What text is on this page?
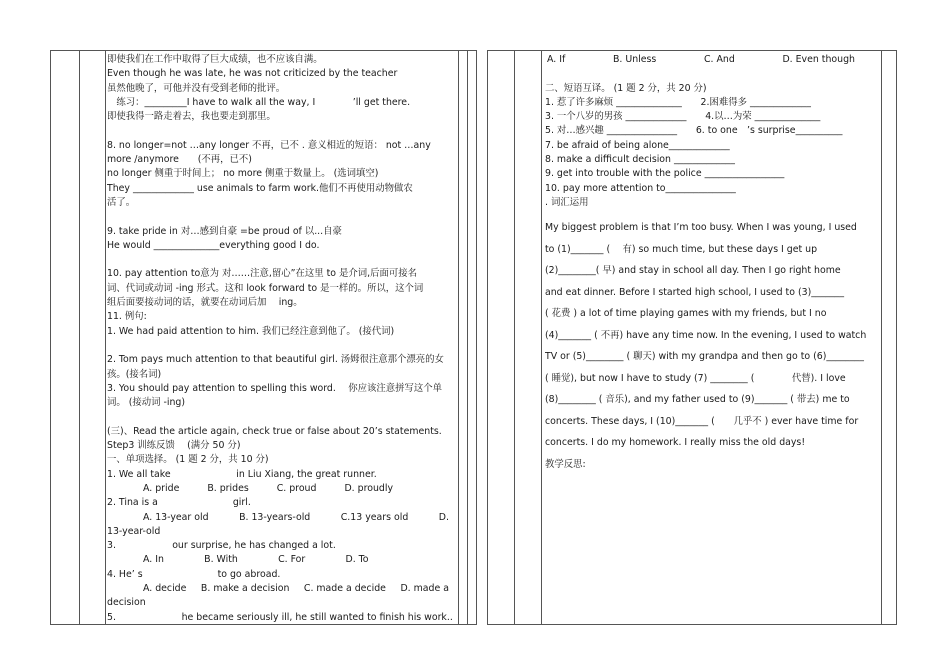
即使我们在工作中取得了巨大成绩，也不应该自满。
Even though he was late, he was not criticized by the teacher
虽然他晚了，可他并没有受到老师的批评。
　练习：_________I have to walk all the way, I　　　　’ll get there.
即使我得一路走着去，我也要走到那里。
8. no longer=not …any longer 不再，已不 . 意义相近的短语： not …any
more /anymore　　(不再，已不)
no longer 侧重于时间上； no more 侧重于数量上。 (选词填空)
They _____________ use animals to farm work.他们不再使用动物做农
活了。
9. take pride in 对…感到自豪 =be proud of 以...自豪
He would ______________everything good I do.
10. pay attention to意为 对……注意,留心”在这里 to 是介词,后面可接名
词、代词或动词 -ing 形式。这和 look forward to 是一样的。所以，这个词
组后面要接动词的话，就要在动词后加　 ing。
11. 例句:
1. We had paid attention to him. 我们已经注意到他了。 (接代词)
2. Tom pays much attention to that beautiful girl. 汤姆很注意那个漂亮的女
孩。(接名词)
3. You should pay attention to spelling this word.　 你应该注意拼写这个单
词。 (接动词 -ing)
(三)、Read the article again, check true or false about 20’s statements.
Step3 训练反馈　 (满分 50 分)
一、单项选择。 (1 题 2 分，共 10 分)
1. We all take　　　　　　　in Liu Xiang, the great runner.
A. pride	B. prides	C. proud	D. proudly
2. Tina is a　　　　　　　　girl.
A. 13-year old	B. 13-years-old	C.13 years old	D.
13-year-old
3.　　　　　　our surprise, he has changed a lot.
A. In	B. With	C. For	D. To
4. He’ s　　　　　　　　to go abroad.
A. decide B. make a decision C. made a decide D. made a
decision
5.　　　　　　　he became seriously ill, he still wanted to finish his work..
A. If	B. Unless	C. And	D. Even though
二、短语互译。 (1 题 2 分，共 20 分)
1. 惹了许多麻烦 ______________　　2.困难得多 _____________
3. 一个八岁的男孩 _____________　　4.以…为荣 ______________
5. 对…感兴趣 _______________　　6. to one　’s surprise__________
7. be afraid of being alone_____________
8. make a difficult decision _____________
9. get into trouble with the police _________________
10. pay more attention to_______________
. 词汇运用
My biggest problem is that I’m too busy. When I was young, I used
to (1)_______ (　 有) so much time, but these days I get up
(2)________( 早) and stay in school all day. Then I go right home
and eat dinner. Before I started high school, I used to (3)_______
( 花费 ) a lot of time playing games with my friends, but I no
(4)_______ ( 不再) have any time now. In the evening, I used to watch
TV or (5)________ ( 聊天) with my grandpa and then go to (6)________
( 睡觉), but now I have to study (7) ________ (　　　　代替). I love
(8)________ ( 音乐), and my father used to (9)_______ ( 带去) me to
concerts. These days, I (10)_______ (　　几乎不 ) ever have time for
concerts. I do my homework. I really miss the old days!
教学反思:
